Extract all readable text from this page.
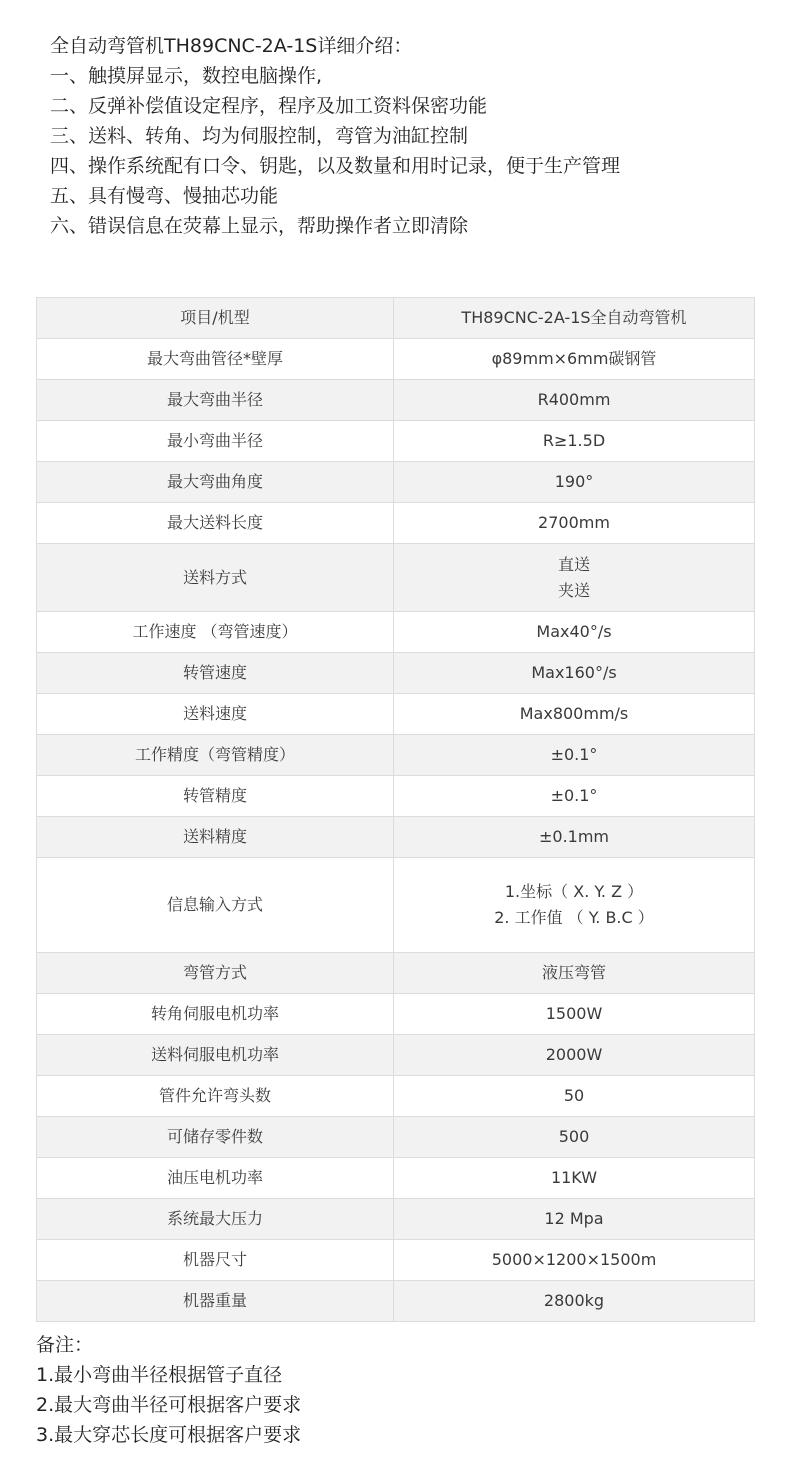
全自动弯管机TH89CNC-2A-1S详细介绍：
一、触摸屏显示，数控电脑操作,
二、反弹补偿值设定程序，程序及加工资料保密功能
三、送料、转角、均为伺服控制，弯管为油缸控制
四、操作系统配有口令、钥匙，以及数量和用时记录，便于生产管理
五、具有慢弯、慢抽芯功能
六、错误信息在荧幕上显示，帮助操作者立即清除
项目/机型	TH89CNC-2A-1S全自动弯管机
最大弯曲管径*壁厚	φ89mm×6mm碳钢管

最大弯曲半径	R400mm

最小弯曲半径	R≥1.5D

最大弯曲角度	190°

最大送料长度	2700mm

送料方式	直送
夹送

工作速度 （弯管速度）	Max40°/s

转管速度	Max160°/s

送料速度	Max800mm/s

工作精度（弯管精度）	±0.1°

转管精度	±0.1°

送料精度	±0.1mm

信息输入方式	1.坐标（ X. Y. Z ）
2. 工作值 （ Y. B.C ）

弯管方式	液压弯管

转角伺服电机功率	1500W

送料伺服电机功率	2000W

管件允许弯头数	50

可储存零件数	500

油压电机功率	11KW

系统最大压力	12 Mpa

机器尺寸	5000×1200×1500m

机器重量	2800kg
备注：
1.最小弯曲半径根据管子直径
2.最大弯曲半径可根据客户要求
3.最大穿芯长度可根据客户要求
